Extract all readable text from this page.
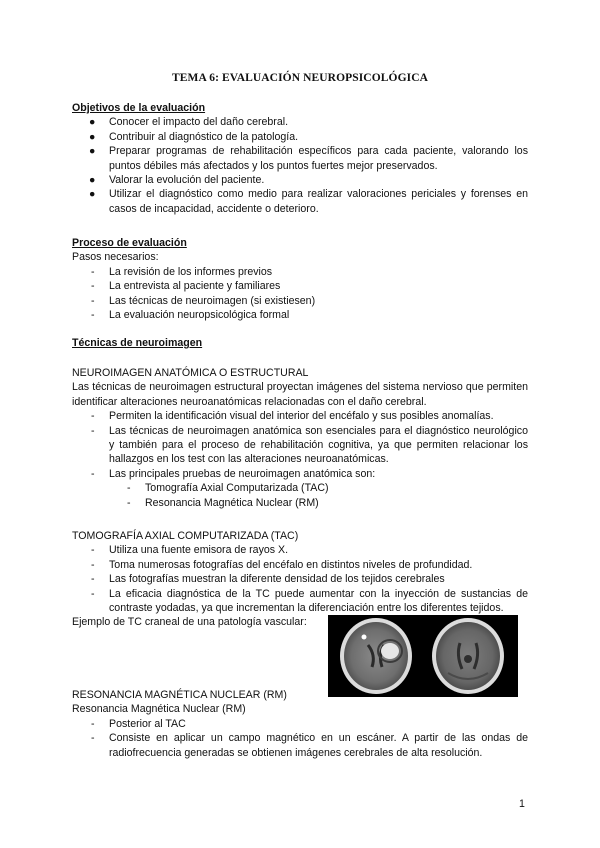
TEMA 6: EVALUACIÓN NEUROPSICOLÓGICA
Objetivos de la evaluación
● Conocer el impacto del daño cerebral.
● Contribuir al diagnóstico de la patología.
● Preparar programas de rehabilitación específicos para cada paciente, valorando los puntos débiles más afectados y los puntos fuertes mejor preservados.
● Valorar la evolución del paciente.
● Utilizar el diagnóstico como medio para realizar valoraciones periciales y forenses en casos de incapacidad, accidente o deterioro.
Proceso de evaluación
Pasos necesarios:
- La revisión de los informes previos
- La entrevista al paciente y familiares
- Las técnicas de neuroimagen (si existiesen)
- La evaluación neuropsicológica formal
Técnicas de neuroimagen
NEUROIMAGEN ANATÓMICA O ESTRUCTURAL
Las técnicas de neuroimagen estructural proyectan imágenes del sistema nervioso que permiten identificar alteraciones neuroanatómicas relacionadas con el daño cerebral.
- Permiten la identificación visual del interior del encéfalo y sus posibles anomalías.
- Las técnicas de neuroimagen anatómica son esenciales para el diagnóstico neurológico y también para el proceso de rehabilitación cognitiva, ya que permiten relacionar los hallazgos en los test con las alteraciones neuroanatómicas.
- Las principales pruebas de neuroimagen anatómica son:
- Tomografía Axial Computarizada (TAC)
- Resonancia Magnética Nuclear (RM)
TOMOGRAFÍA AXIAL COMPUTARIZADA (TAC)
- Utiliza una fuente emisora de rayos X.
- Toma numerosas fotografías del encéfalo en distintos niveles de profundidad.
- Las fotografías muestran la diferente densidad de los tejidos cerebrales
- La eficacia diagnóstica de la TC puede aumentar con la inyección de sustancias de contraste yodadas, ya que incrementan la diferenciación entre los diferentes tejidos.
Ejemplo de TC craneal de una patología vascular:
RESONANCIA MAGNÉTICA NUCLEAR (RM)
Resonancia Magnética Nuclear (RM)
- Posterior al TAC
- Consiste en aplicar un campo magnético en un escáner. A partir de las ondas de radiofrecuencia generadas se obtienen imágenes cerebrales de alta resolución.
1
